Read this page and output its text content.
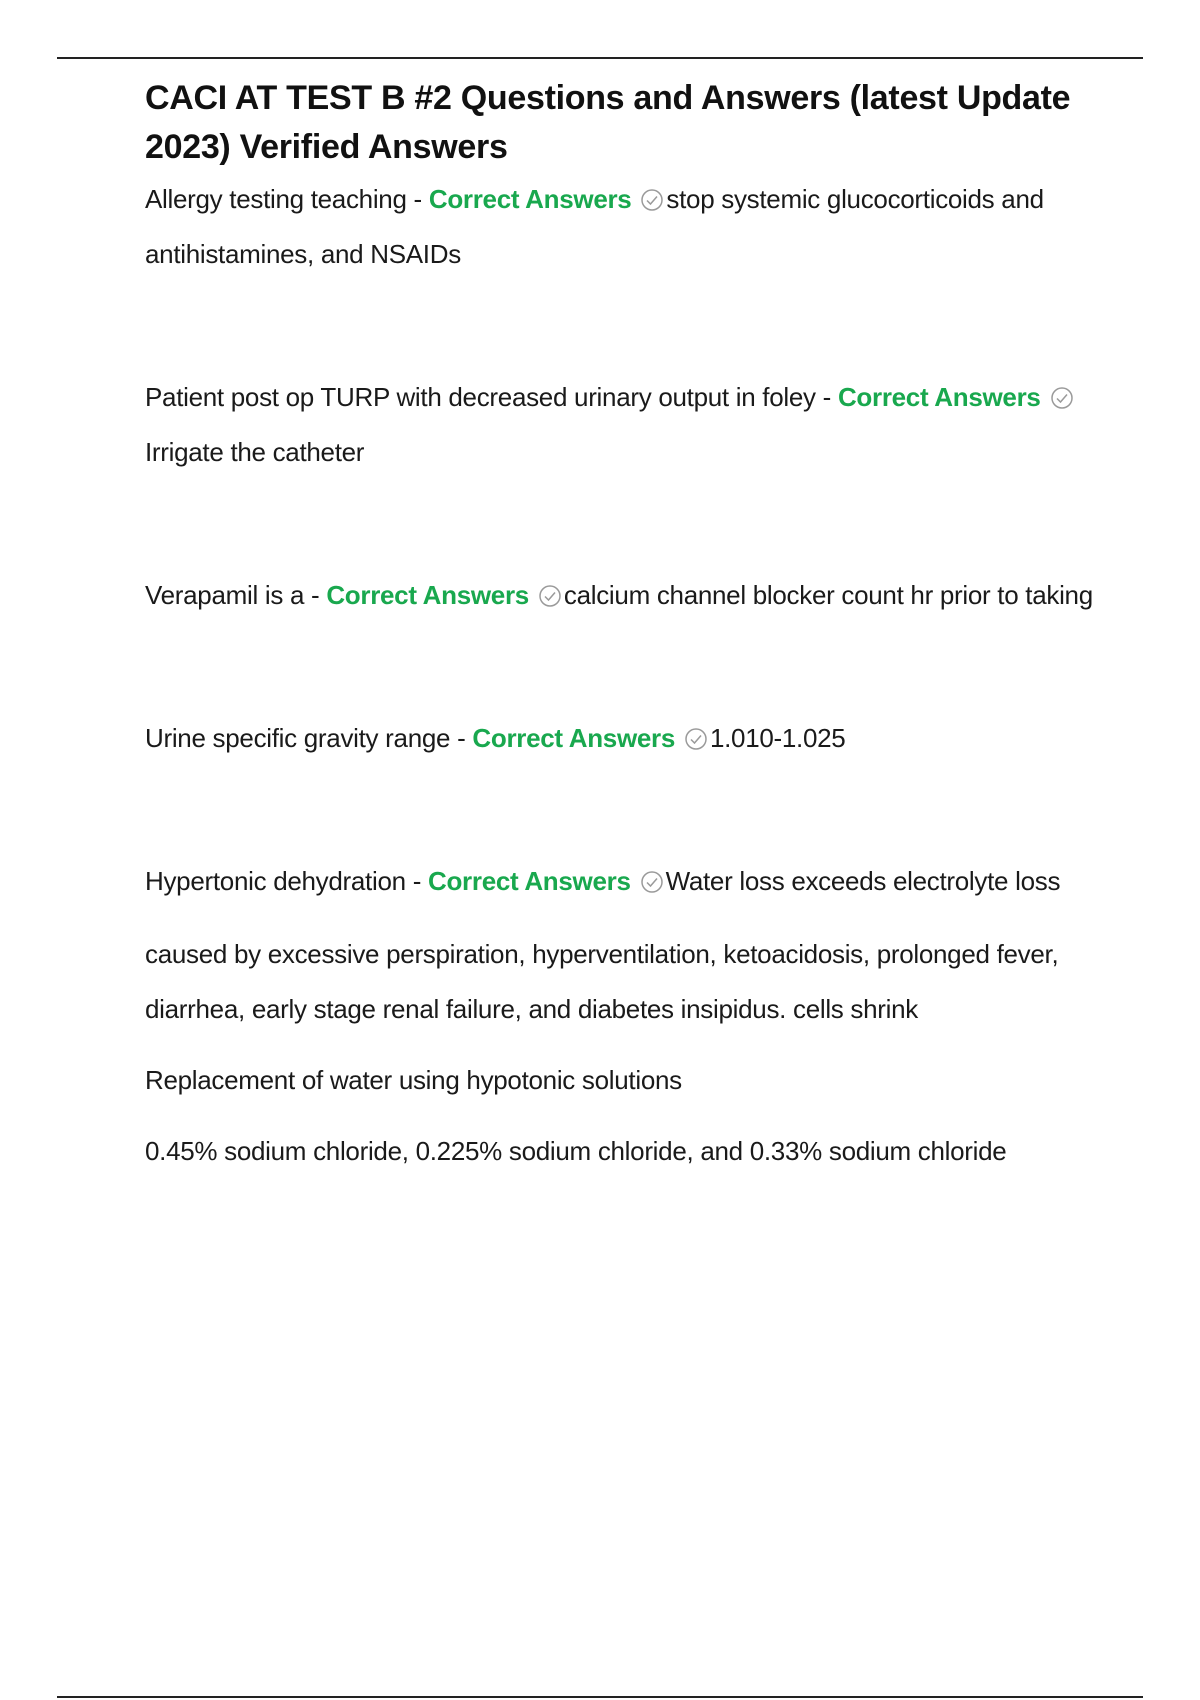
CACI AT TEST B #2 Questions and Answers (latest Update 2023) Verified Answers

Allergy testing teaching - Correct Answers stop systemic glucocorticoids and antihistamines, and NSAIDs

Patient post op TURP with decreased urinary output in foley - Correct Answers Irrigate the catheter

Verapamil is a - Correct Answers calcium channel blocker count hr prior to taking

Urine specific gravity range - Correct Answers 1.010-1.025

Hypertonic dehydration - Correct Answers Water loss exceeds electrolyte loss

caused by excessive perspiration, hyperventilation, ketoacidosis, prolonged fever, diarrhea, early stage renal failure, and diabetes insipidus. cells shrink

Replacement of water using hypotonic solutions

0.45% sodium chloride, 0.225% sodium chloride, and 0.33% sodium chloride
